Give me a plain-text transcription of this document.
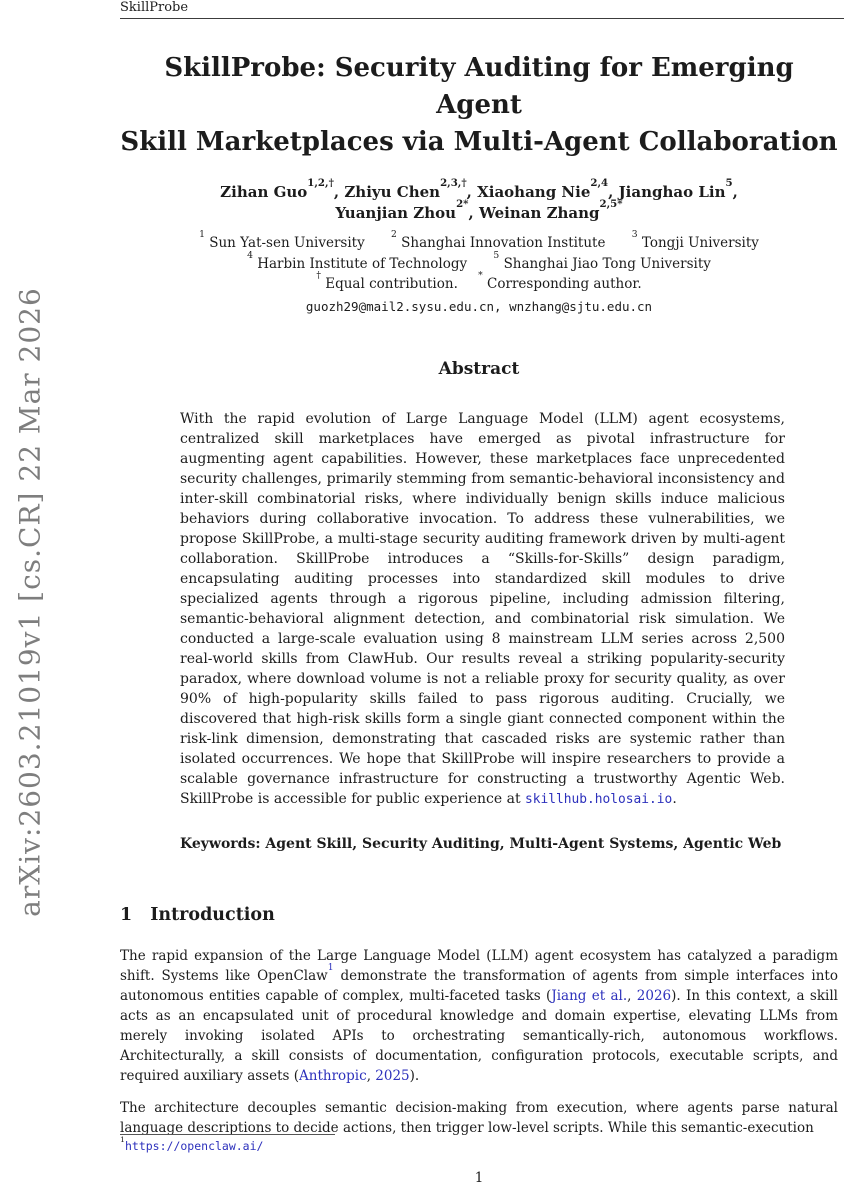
arXiv:2603.21019v1 [cs.CR] 22 Mar 2026
SkillProbe
SkillProbe: Security Auditing for Emerging Agent
Skill Marketplaces via Multi-Agent Collaboration
Zihan Guo$^{1,2,\dagger}$, Zhiyu Chen$^{2,3,\dagger}$, Xiaohang Nie$^{2,4}$, Jianghao Lin$^5$,
Yuanjian Zhou$^{2*}$, Weinan Zhang$^{2,5*}$
$^1$ Sun Yat-sen University $^2$ Shanghai Innovation Institute $^3$ Tongji University
$^4$ Harbin Institute of Technology $^5$ Shanghai Jiao Tong University
† Equal contribution. * Corresponding author.
guozh29@mail2.sysu.edu.cn, wnzhang@sjtu.edu.cn
Abstract
With the rapid evolution of Large Language Model (LLM) agent ecosystems, centralized skill marketplaces have emerged as pivotal infrastructure for augmenting agent capabilities. However, these marketplaces face unprecedented security challenges, primarily stemming from semantic-behavioral inconsistency and inter-skill combinatorial risks, where individually benign skills induce malicious behaviors during collaborative invocation. To address these vulnerabilities, we propose SkillProbe, a multi-stage security auditing framework driven by multi-agent collaboration. SkillProbe introduces a “Skills-for-Skills” design paradigm, encapsulating auditing processes into standardized skill modules to drive specialized agents through a rigorous pipeline, including admission filtering, semantic-behavioral alignment detection, and combinatorial risk simulation. We conducted a large-scale evaluation using 8 mainstream LLM series across 2,500 real-world skills from ClawHub. Our results reveal a striking popularity-security paradox, where download volume is not a reliable proxy for security quality, as over 90% of high-popularity skills failed to pass rigorous auditing. Crucially, we discovered that high-risk skills form a single giant connected component within the risk-link dimension, demonstrating that cascaded risks are systemic rather than isolated occurrences. We hope that SkillProbe will inspire researchers to provide a scalable governance infrastructure for constructing a trustworthy Agentic Web. SkillProbe is accessible for public experience at skillhub.holosai.io.
Keywords: Agent Skill, Security Auditing, Multi-Agent Systems, Agentic Web
1 Introduction

The rapid expansion of the Large Language Model (LLM) agent ecosystem has catalyzed a paradigm shift. Systems like OpenClaw$^1$ demonstrate the transformation of agents from simple interfaces into autonomous entities capable of complex, multi-faceted tasks (Jiang et al., 2026). In this context, a skill acts as an encapsulated unit of procedural knowledge and domain expertise, elevating LLMs from merely invoking isolated APIs to orchestrating semantically-rich, autonomous workflows. Architecturally, a skill consists of documentation, configuration protocols, executable scripts, and required auxiliary assets (Anthropic, 2025).

The architecture decouples semantic decision-making from execution, where agents parse natural language descriptions to decide actions, then trigger low-level scripts. While this semantic-execution

$^1$https://openclaw.ai/
1
